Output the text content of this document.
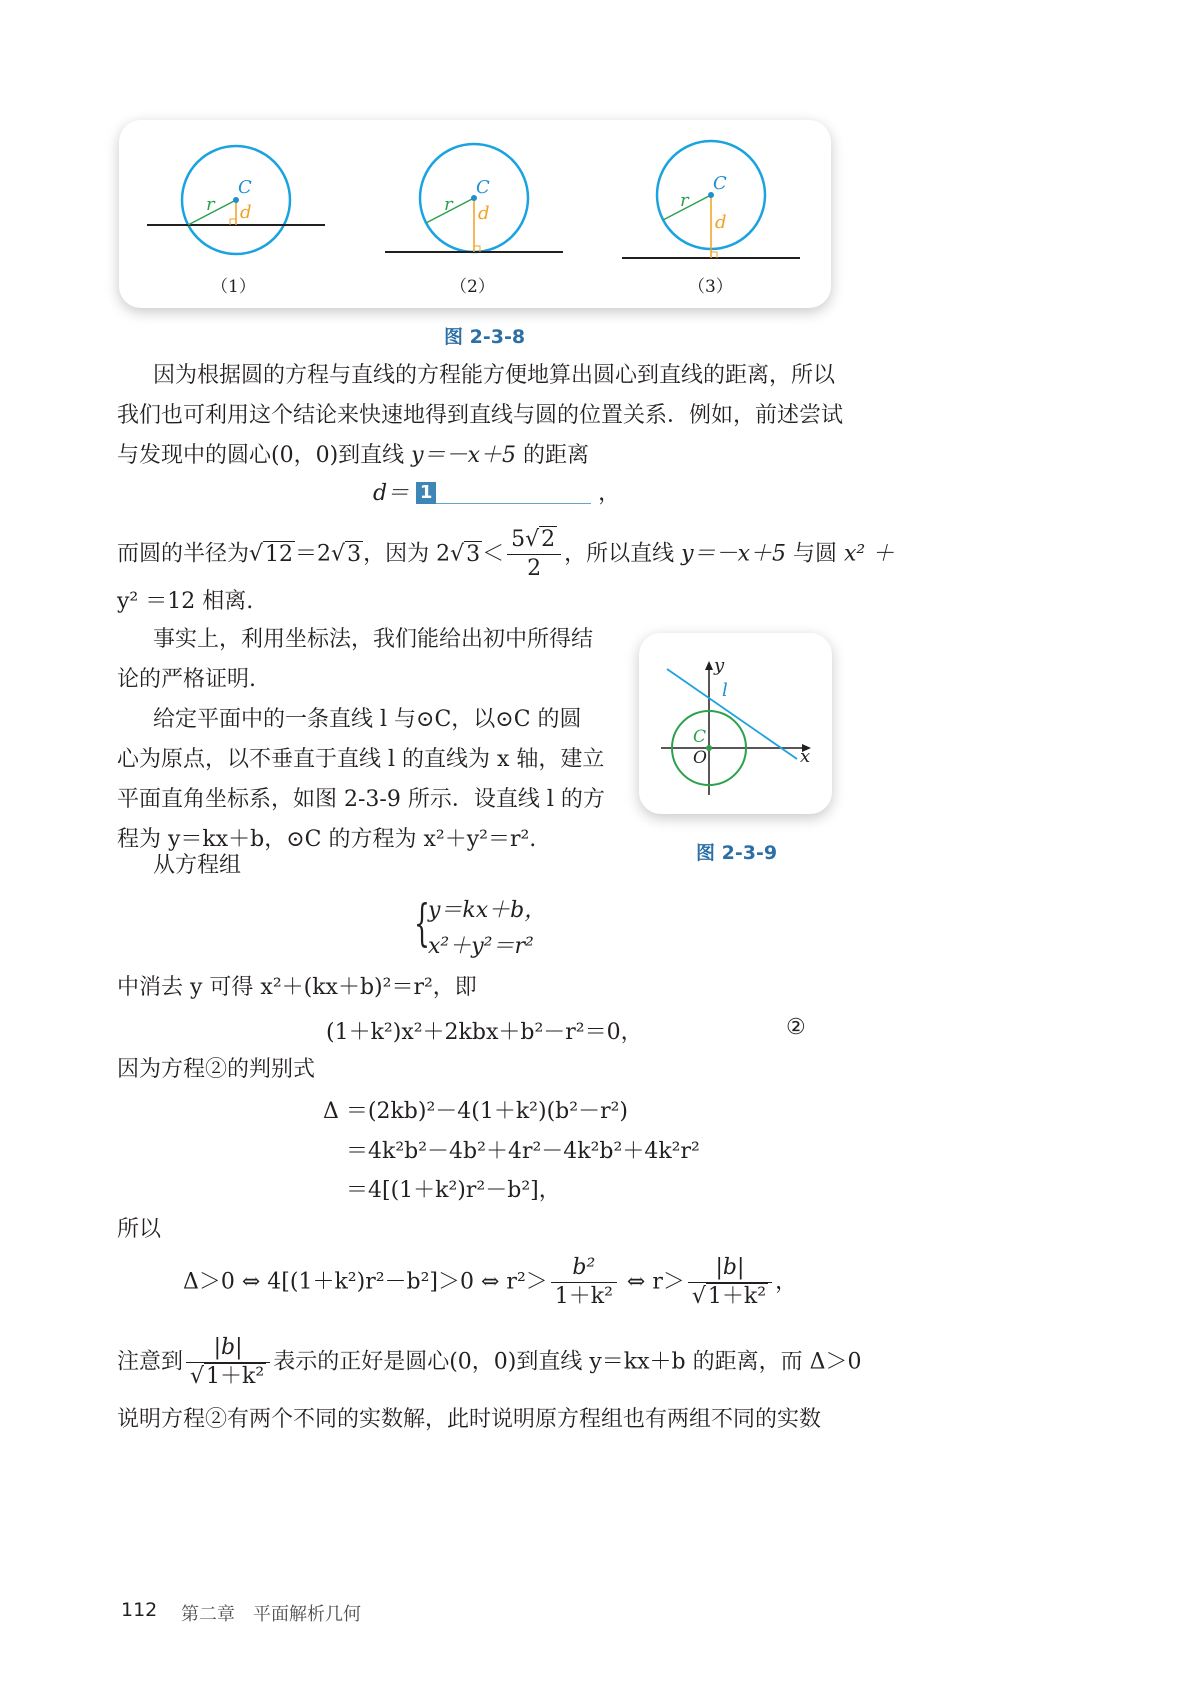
C
r d
（1）
C
r d
（2）
C
r
d
（3）
图 2-3-8
因为根据圆的方程与直线的方程能方便地算出圆心到直线的距离，所以
我们也可利用这个结论来快速地得到直线与圆的位置关系．例如，前述尝试
与发现中的圆心(0，0)到直线 y＝－x＋5 的距离
d＝ 1	，
而圆的半径为√12＝2√3，因为 $2√3< \frac{5√2}{2}$ ，所以直线 y＝－x＋5 与圆 x² ＋
y² ＝12 相离.
事实上，利用坐标法，我们能给出初中所得结
论的严格证明.
给定平面中的一条直线 l 与⊙C，以⊙C 的圆
心为原点，以不垂直于直线 l 的直线为 x 轴，建立
平面直角坐标系，如图 2-3-9 所示．设直线 l 的方
程为 y＝kx＋b，⊙C 的方程为 x²＋y²＝r².
y
l
C
O	x
图 2-3-9
从方程组
{
y＝kx＋b，
x²＋y²＝r²
中消去 y 可得 x²＋(kx＋b)²＝r²，即
(1＋k²)x²＋2kbx＋b²－r²＝0，	②
因为方程②的判别式
Δ ＝(2kb)²－4(1＋k²)(b²－r²)
＝4k²b²－4b²＋4r²－4k²b²＋4k²r²
＝4[(1＋k²)r²－b²]，
所以
Δ＞0 ⇔ 4[(1＋k²)r²－b²]＞0 ⇔ $r^2> \frac{\text{b²}}{\text{1＋k²}}$ ⇔ $r> \frac{|b|}{\text{√1＋k²}}$ ，
注意到 $\frac{|b|}{\text{√1＋k²}}$ 表示的正好是圆心(0，0)到直线 y＝kx＋b 的距离，而 Δ＞0
说明方程②有两个不同的实数解，此时说明原方程组也有两组不同的实数
112 第二章　平面解析几何
